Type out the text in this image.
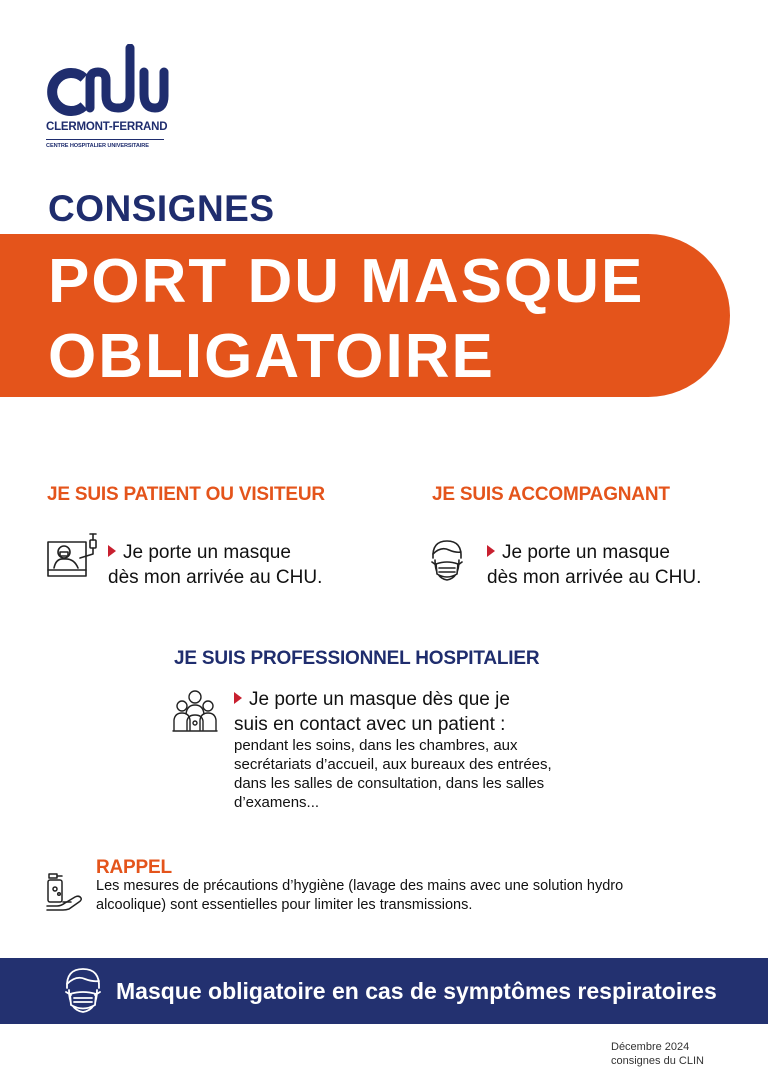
CLERMONT-FERRAND
CENTRE HOSPITALIER UNIVERSITAIRE
CONSIGNES
PORT DU MASQUE
OBLIGATOIRE
JE SUIS PATIENT OU VISITEUR
Je porte un masque
dès mon arrivée au CHU.
JE SUIS ACCOMPAGNANT
Je porte un masque
dès mon arrivée au CHU.
JE SUIS PROFESSIONNEL HOSPITALIER
Je porte un masque dès que je
suis en contact avec un patient :
pendant les soins, dans les chambres, aux
secrétariats d’accueil, aux bureaux des entrées,
dans les salles de consultation, dans les salles
d’examens...
RAPPEL
Les mesures de précautions d’hygiène (lavage des mains avec une solution hydro
alcoolique) sont essentielles pour limiter les transmissions.
Masque obligatoire en cas de symptômes respiratoires
Décembre 2024
consignes du CLIN
